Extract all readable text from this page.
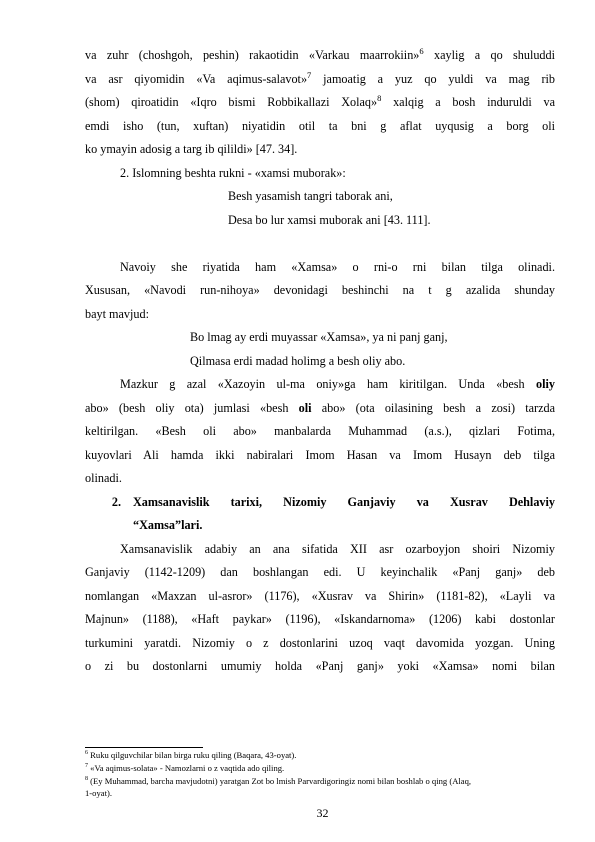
va zuhr (choshgoh, peshin) rakaotidin «Varkau maarrokiin»$^6$ xaylig a qo shuluddi
va asr qiyomidin «Va aqimus-salavot»$^7$ jamoatig a yuz qo yuldi va mag rib
(shom) qiroatidin «Iqro bismi Robbikallazi Xolaq»$^8$ xalqig a bosh induruldi va
emdi isho (tun, xuftan) niyatidin otil ta bni g aflat uyqusig a borg oli
ko ymayin adosig a targ ib qilildi» [47. 34].
2. Islomning beshta rukni - «xamsi muborak»:
Besh yasamish tangri taborak ani,
Desa bo lur xamsi muborak ani [43. 111].
Navoiy she riyatida ham «Xamsa» o rni-o rni bilan tilga olinadi.
Xususan, «Navodi run-nihoya» devonidagi beshinchi na t g azalida shunday
bayt mavjud:
Bo lmag ay erdi muyassar «Xamsa», ya ni panj ganj,
Qilmasa erdi madad holimg a besh oliy abo.
Mazkur g azal «Xazoyin ul-ma oniy»ga ham kiritilgan. Unda «besh oliy
abo» (besh oliy ota) jumlasi «besh oli abo» (ota oilasining besh a zosi) tarzda
keltirilgan. «Besh oli abo» manbalarda Muhammad (a.s.), qizlari Fotima,
kuyovlari Ali hamda ikki nabiralari Imom Hasan va Imom Husayn deb tilga
olinadi.
2. Xamsanavislik tarixi, Nizomiy Ganjaviy va Xusrav Dehlaviy
“Xamsa”lari.
Xamsanavislik adabiy an ana sifatida XII asr ozarboyjon shoiri Nizomiy
Ganjaviy (1142-1209) dan boshlangan edi. U keyinchalik «Panj ganj» deb
nomlangan «Maxzan ul-asror» (1176), «Xusrav va Shirin» (1181-82), «Layli va
Majnun» (1188), «Haft paykar» (1196), «Iskandarnoma» (1206) kabi dostonlar
turkumini yaratdi. Nizomiy o z dostonlarini uzoq vaqt davomida yozgan. Uning
o zi bu dostonlarni umumiy holda «Panj ganj» yoki «Xamsa» nomi bilan
$^6$ Ruku qilguvchilar bilan birga ruku qiling (Baqara, 43-oyat).
$^7$ «Va aqimus-solata» - Namozlarni o z vaqtida ado qiling.
$^8$ (Ey Muhammad, barcha mavjudotni) yaratgan Zot bo lmish Parvardigoringiz nomi bilan boshlab o qing (Alaq,
1-oyat).
32
